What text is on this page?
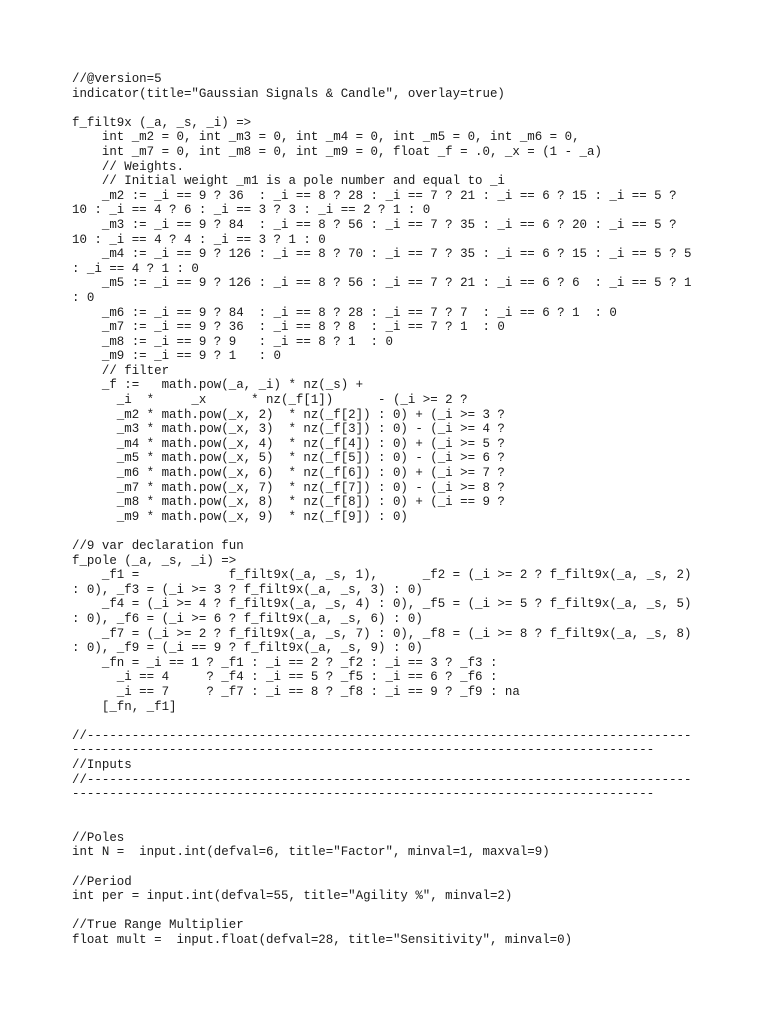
//@version=5
indicator(title="Gaussian Signals & Candle", overlay=true)
f_filt9x (_a, _s, _i) =>
int _m2 = 0, int _m3 = 0, int _m4 = 0, int _m5 = 0, int _m6 = 0,
int _m7 = 0, int _m8 = 0, int _m9 = 0, float _f = .0, _x = (1 - _a)
// Weights.
// Initial weight _m1 is a pole number and equal to _i
_m2 := _i == 9 ? 36  : _i == 8 ? 28 : _i == 7 ? 21 : _i == 6 ? 15 : _i == 5 ?
10 : _i == 4 ? 6 : _i == 3 ? 3 : _i == 2 ? 1 : 0
_m3 := _i == 9 ? 84  : _i == 8 ? 56 : _i == 7 ? 35 : _i == 6 ? 20 : _i == 5 ?
10 : _i == 4 ? 4 : _i == 3 ? 1 : 0
_m4 := _i == 9 ? 126 : _i == 8 ? 70 : _i == 7 ? 35 : _i == 6 ? 15 : _i == 5 ? 5
: _i == 4 ? 1 : 0
_m5 := _i == 9 ? 126 : _i == 8 ? 56 : _i == 7 ? 21 : _i == 6 ? 6  : _i == 5 ? 1
: 0
_m6 := _i == 9 ? 84  : _i == 8 ? 28 : _i == 7 ? 7  : _i == 6 ? 1  : 0
_m7 := _i == 9 ? 36  : _i == 8 ? 8  : _i == 7 ? 1  : 0
_m8 := _i == 9 ? 9   : _i == 8 ? 1  : 0
_m9 := _i == 9 ? 1   : 0
// filter
_f :=   math.pow(_a, _i) * nz(_s) +
_i  *     _x      * nz(_f[1])      - (_i >= 2 ?
_m2 * math.pow(_x, 2)  * nz(_f[2]) : 0) + (_i >= 3 ?
_m3 * math.pow(_x, 3)  * nz(_f[3]) : 0) - (_i >= 4 ?
_m4 * math.pow(_x, 4)  * nz(_f[4]) : 0) + (_i >= 5 ?
_m5 * math.pow(_x, 5)  * nz(_f[5]) : 0) - (_i >= 6 ?
_m6 * math.pow(_x, 6)  * nz(_f[6]) : 0) + (_i >= 7 ?
_m7 * math.pow(_x, 7)  * nz(_f[7]) : 0) - (_i >= 8 ?
_m8 * math.pow(_x, 8)  * nz(_f[8]) : 0) + (_i == 9 ?
_m9 * math.pow(_x, 9)  * nz(_f[9]) : 0)
//9 var declaration fun
f_pole (_a, _s, _i) =>
_f1 =            f_filt9x(_a, _s, 1),      _f2 = (_i >= 2 ? f_filt9x(_a, _s, 2)
: 0), _f3 = (_i >= 3 ? f_filt9x(_a, _s, 3) : 0)
_f4 = (_i >= 4 ? f_filt9x(_a, _s, 4) : 0), _f5 = (_i >= 5 ? f_filt9x(_a, _s, 5)
: 0), _f6 = (_i >= 6 ? f_filt9x(_a, _s, 6) : 0)
_f7 = (_i >= 2 ? f_filt9x(_a, _s, 7) : 0), _f8 = (_i >= 8 ? f_filt9x(_a, _s, 8)
: 0), _f9 = (_i == 9 ? f_filt9x(_a, _s, 9) : 0)
_fn = _i == 1 ? _f1 : _i == 2 ? _f2 : _i == 3 ? _f3 :
_i == 4     ? _f4 : _i == 5 ? _f5 : _i == 6 ? _f6 :
_i == 7     ? _f7 : _i == 8 ? _f8 : _i == 9 ? _f9 : na
[_fn, _f1]
//---------------------------------------------------------------------------------
------------------------------------------------------------------------------
//Inputs
//---------------------------------------------------------------------------------
------------------------------------------------------------------------------
//Poles
int N =  input.int(defval=6, title="Factor", minval=1, maxval=9)
//Period
int per = input.int(defval=55, title="Agility %", minval=2)
//True Range Multiplier
float mult =  input.float(defval=28, title="Sensitivity", minval=0)
